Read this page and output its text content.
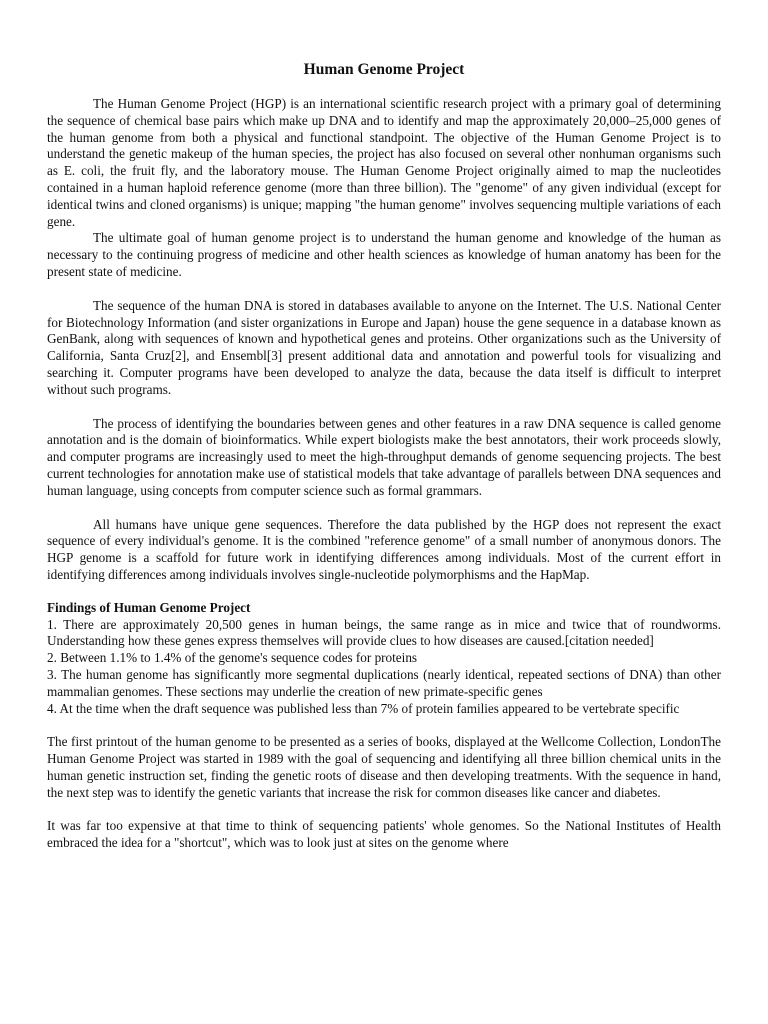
Human Genome Project

The Human Genome Project (HGP) is an international scientific research project with a primary goal of determining the sequence of chemical base pairs which make up DNA and to identify and map the approximately 20,000–25,000 genes of the human genome from both a physical and functional standpoint. The objective of the Human Genome Project is to understand the genetic makeup of the human species, the project has also focused on several other nonhuman organisms such as E. coli, the fruit fly, and the laboratory mouse. The Human Genome Project originally aimed to map the nucleotides contained in a human haploid reference genome (more than three billion). The "genome" of any given individual (except for identical twins and cloned organisms) is unique; mapping "the human genome" involves sequencing multiple variations of each gene.

The ultimate goal of human genome project is to understand the human genome and knowledge of the human as necessary to the continuing progress of medicine and other health sciences as knowledge of human anatomy has been for the present state of medicine.

The sequence of the human DNA is stored in databases available to anyone on the Internet. The U.S. National Center for Biotechnology Information (and sister organizations in Europe and Japan) house the gene sequence in a database known as GenBank, along with sequences of known and hypothetical genes and proteins. Other organizations such as the University of California, Santa Cruz[2], and Ensembl[3] present additional data and annotation and powerful tools for visualizing and searching it. Computer programs have been developed to analyze the data, because the data itself is difficult to interpret without such programs.

The process of identifying the boundaries between genes and other features in a raw DNA sequence is called genome annotation and is the domain of bioinformatics. While expert biologists make the best annotators, their work proceeds slowly, and computer programs are increasingly used to meet the high-throughput demands of genome sequencing projects. The best current technologies for annotation make use of statistical models that take advantage of parallels between DNA sequences and human language, using concepts from computer science such as formal grammars.

All humans have unique gene sequences. Therefore the data published by the HGP does not represent the exact sequence of every individual's genome. It is the combined "reference genome" of a small number of anonymous donors. The HGP genome is a scaffold for future work in identifying differences among individuals. Most of the current effort in identifying differences among individuals involves single-nucleotide polymorphisms and the HapMap.

Findings of Human Genome Project
1. There are approximately 20,500 genes in human beings, the same range as in mice and twice that of roundworms. Understanding how these genes express themselves will provide clues to how diseases are caused.[citation needed]
2. Between 1.1% to 1.4% of the genome's sequence codes for proteins
3. The human genome has significantly more segmental duplications (nearly identical, repeated sections of DNA) than other mammalian genomes. These sections may underlie the creation of new primate-specific genes
4. At the time when the draft sequence was published less than 7% of protein families appeared to be vertebrate specific

The first printout of the human genome to be presented as a series of books, displayed at the Wellcome Collection, LondonThe Human Genome Project was started in 1989 with the goal of sequencing and identifying all three billion chemical units in the human genetic instruction set, finding the genetic roots of disease and then developing treatments. With the sequence in hand, the next step was to identify the genetic variants that increase the risk for common diseases like cancer and diabetes.

It was far too expensive at that time to think of sequencing patients' whole genomes. So the National Institutes of Health embraced the idea for a "shortcut", which was to look just at sites on the genome where
